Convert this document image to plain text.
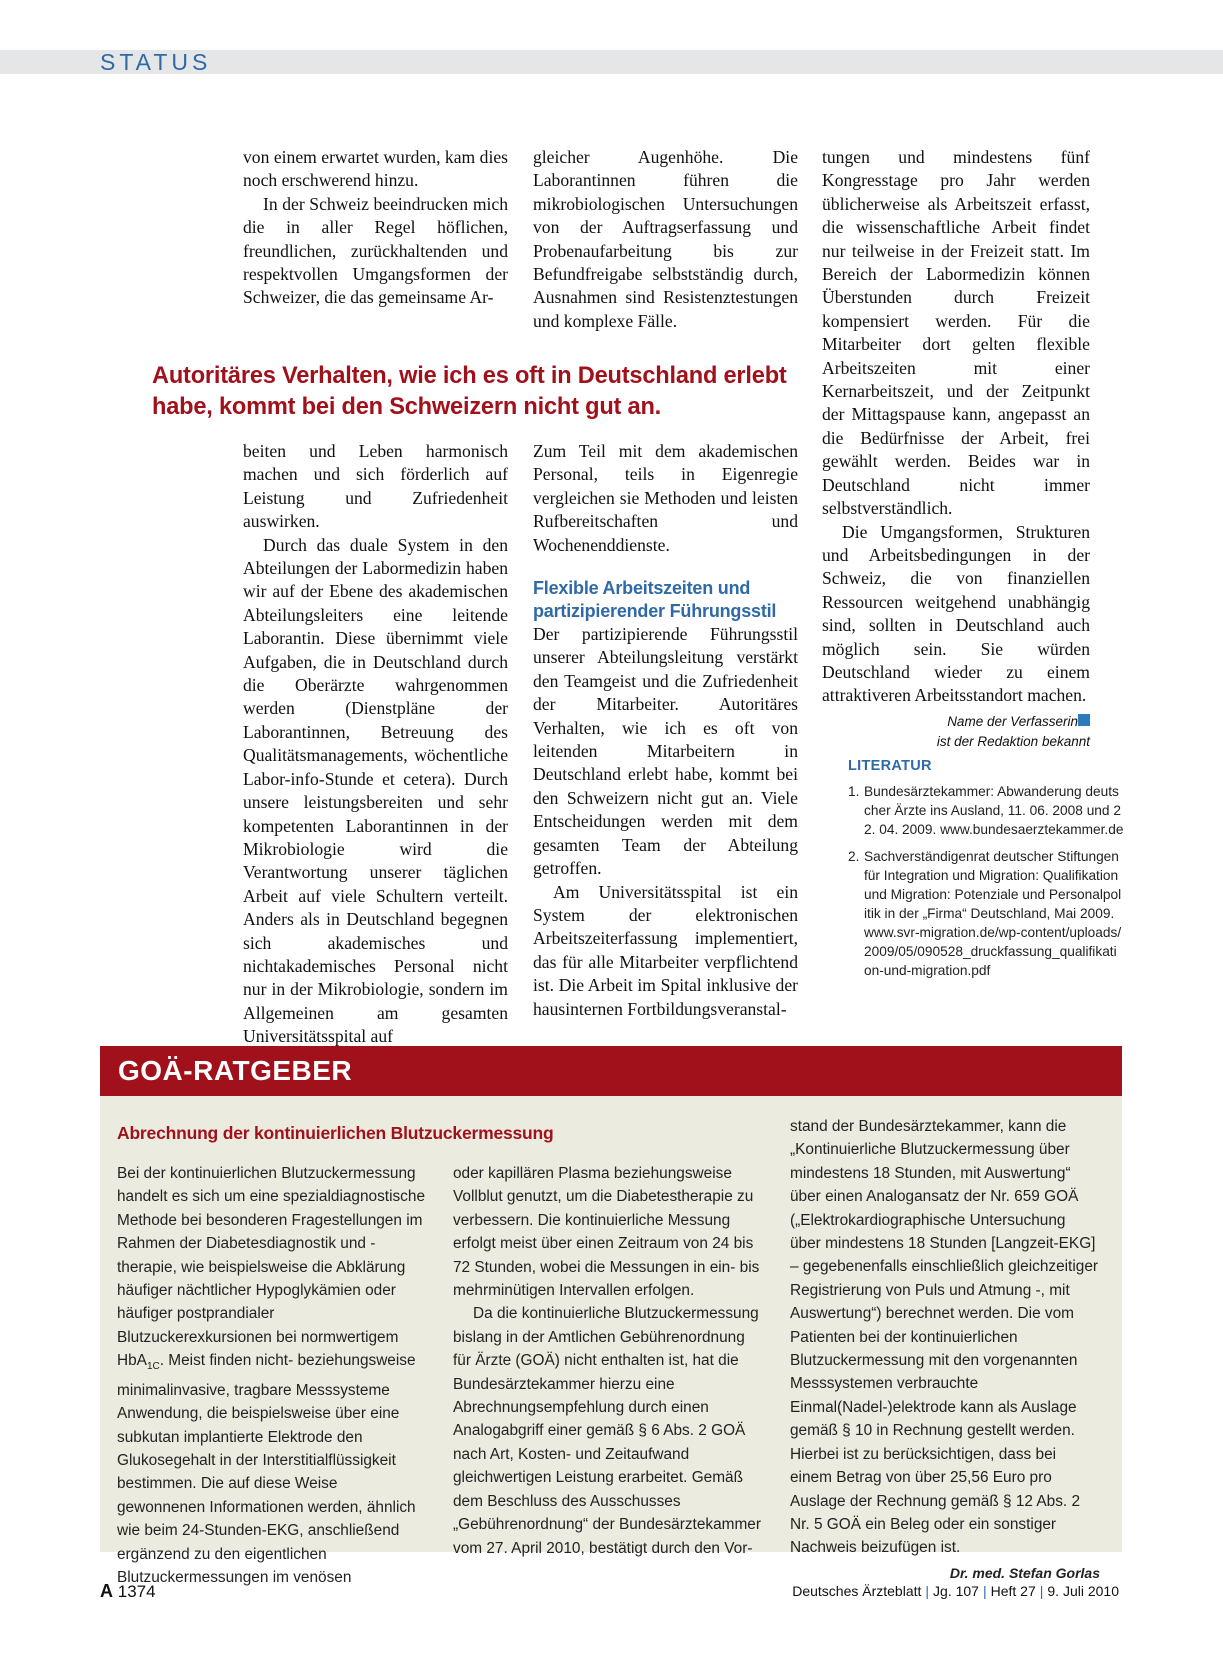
STATUS

von einem erwartet wurden, kam dies noch erschwerend hinzu.

In der Schweiz beeindrucken mich die in aller Regel höflichen, freundlichen, zurückhaltenden und respektvollen Umgangsformen der Schweizer, die das gemeinsame Ar-

gleicher Augenhöhe. Die Laborantinnen führen die mikrobiologischen Untersuchungen von der Auftragserfassung und Probenaufarbeitung bis zur Befundfreigabe selbstständig durch, Ausnahmen sind Resistenztestungen und komplexe Fälle.

Autoritäres Verhalten, wie ich es oft in Deutschland erlebt habe, kommt bei den Schweizern nicht gut an.

beiten und Leben harmonisch machen und sich förderlich auf Leistung und Zufriedenheit auswirken.

Durch das duale System in den Abteilungen der Labormedizin haben wir auf der Ebene des akademischen Abteilungsleiters eine leitende Laborantin. Diese übernimmt viele Aufgaben, die in Deutschland durch die Oberärzte wahrgenommen werden (Dienstpläne der Laborantinnen, Betreuung des Qualitätsmanagements, wöchentliche Labor-info-Stunde et cetera). Durch unsere leistungsbereiten und sehr kompetenten Laborantinnen in der Mikrobiologie wird die Verantwortung unserer täglichen Arbeit auf viele Schultern verteilt. Anders als in Deutschland begegnen sich akademisches und nichtakademisches Personal nicht nur in der Mikrobiologie, sondern im Allgemeinen am gesamten Universitätsspital auf

Zum Teil mit dem akademischen Personal, teils in Eigenregie vergleichen sie Methoden und leisten Rufbereitschaften und Wochenenddienste.

Flexible Arbeitszeiten und partizipierender Führungsstil

Der partizipierende Führungsstil unserer Abteilungsleitung verstärkt den Teamgeist und die Zufriedenheit der Mitarbeiter. Autoritäres Verhalten, wie ich es oft von leitenden Mitarbeitern in Deutschland erlebt habe, kommt bei den Schweizern nicht gut an. Viele Entscheidungen werden mit dem gesamten Team der Abteilung getroffen.

Am Universitätsspital ist ein System der elektronischen Arbeitszeiterfassung implementiert, das für alle Mitarbeiter verpflichtend ist. Die Arbeit im Spital inklusive der hausinternen Fortbildungsveranstal-

tungen und mindestens fünf Kongresstage pro Jahr werden üblicherweise als Arbeitszeit erfasst, die wissenschaftliche Arbeit findet nur teilweise in der Freizeit statt. Im Bereich der Labormedizin können Überstunden durch Freizeit kompensiert werden. Für die Mitarbeiter dort gelten flexible Arbeitszeiten mit einer Kernarbeitszeit, und der Zeitpunkt der Mittagspause kann, angepasst an die Bedürfnisse der Arbeit, frei gewählt werden. Beides war in Deutschland nicht immer selbstverständlich.

Die Umgangsformen, Strukturen und Arbeitsbedingungen in der Schweiz, die von finanziellen Ressourcen weitgehend unabhängig sind, sollten in Deutschland auch möglich sein. Sie würden Deutschland wieder zu einem attraktiveren Arbeitsstandort machen.

Name der Verfasserin
ist der Redaktion bekannt
LITERATUR
1. Bundesärztekammer: Abwanderung deutscher Ärzte ins Ausland, 11. 06. 2008 und 22. 04. 2009. www.bundesaerztekammer.de
2. Sachverständigenrat deutscher Stiftungen für Integration und Migration: Qualifikation und Migration: Potenziale und Personalpolitik in der „Firma“ Deutschland, Mai 2009. www.svr-migration.de/wp-content/uploads/2009/05/090528_druckfassung_qualifikation-und-migration.pdf
GOÄ-RATGEBER
Abrechnung der kontinuierlichen Blutzuckermessung

Bei der kontinuierlichen Blutzuckermessung handelt es sich um eine spezialdiagnostische Methode bei besonderen Fragestellungen im Rahmen der Diabetesdiagnostik und -therapie, wie beispielsweise die Abklärung häufiger nächtlicher Hypoglykämien oder häufiger postprandialer Blutzuckerexkursionen bei normwertigem HbA$_{1C}$. Meist finden nicht- beziehungsweise minimalinvasive, tragbare Messsysteme Anwendung, die beispielsweise über eine subkutan implantierte Elektrode den Glukosegehalt in der Interstitialflüssigkeit bestimmen. Die auf diese Weise gewonnenen Informationen werden, ähnlich wie beim 24-Stunden-EKG, anschließend ergänzend zu den eigentlichen Blutzuckermessungen im venösen

oder kapillären Plasma beziehungsweise Vollblut genutzt, um die Diabetestherapie zu verbessern. Die kontinuierliche Messung erfolgt meist über einen Zeitraum von 24 bis 72 Stunden, wobei die Messungen in ein- bis mehrminütigen Intervallen erfolgen.

Da die kontinuierliche Blutzuckermessung bislang in der Amtlichen Gebührenordnung für Ärzte (GOÄ) nicht enthalten ist, hat die Bundesärztekammer hierzu eine Abrechnungsempfehlung durch einen Analogabgriff einer gemäß § 6 Abs. 2 GOÄ nach Art, Kosten- und Zeitaufwand gleichwertigen Leistung erarbeitet. Gemäß dem Beschluss des Ausschusses „Gebührenordnung“ der Bundesärztekammer vom 27. April 2010, bestätigt durch den Vor-

stand der Bundesärztekammer, kann die „Kontinuierliche Blutzuckermessung über mindestens 18 Stunden, mit Auswertung“ über einen Analogansatz der Nr. 659 GOÄ („Elektrokardiographische Untersuchung über mindestens 18 Stunden [Langzeit-EKG] – gegebenenfalls einschließlich gleichzeitiger Registrierung von Puls und Atmung -, mit Auswertung“) berechnet werden. Die vom Patienten bei der kontinuierlichen Blutzuckermessung mit den vorgenannten Messsystemen verbrauchte Einmal(Nadel-)elektrode kann als Auslage gemäß § 10 in Rechnung gestellt werden. Hierbei ist zu berücksichtigen, dass bei einem Betrag von über 25,56 Euro pro Auslage der Rechnung gemäß § 12 Abs. 2 Nr. 5 GOÄ ein Beleg oder ein sonstiger Nachweis beizufügen ist.
Dr. med. Stefan Gorlas

A 1374	Deutsches Ärzteblatt | Jg. 107 | Heft 27 | 9. Juli 2010
